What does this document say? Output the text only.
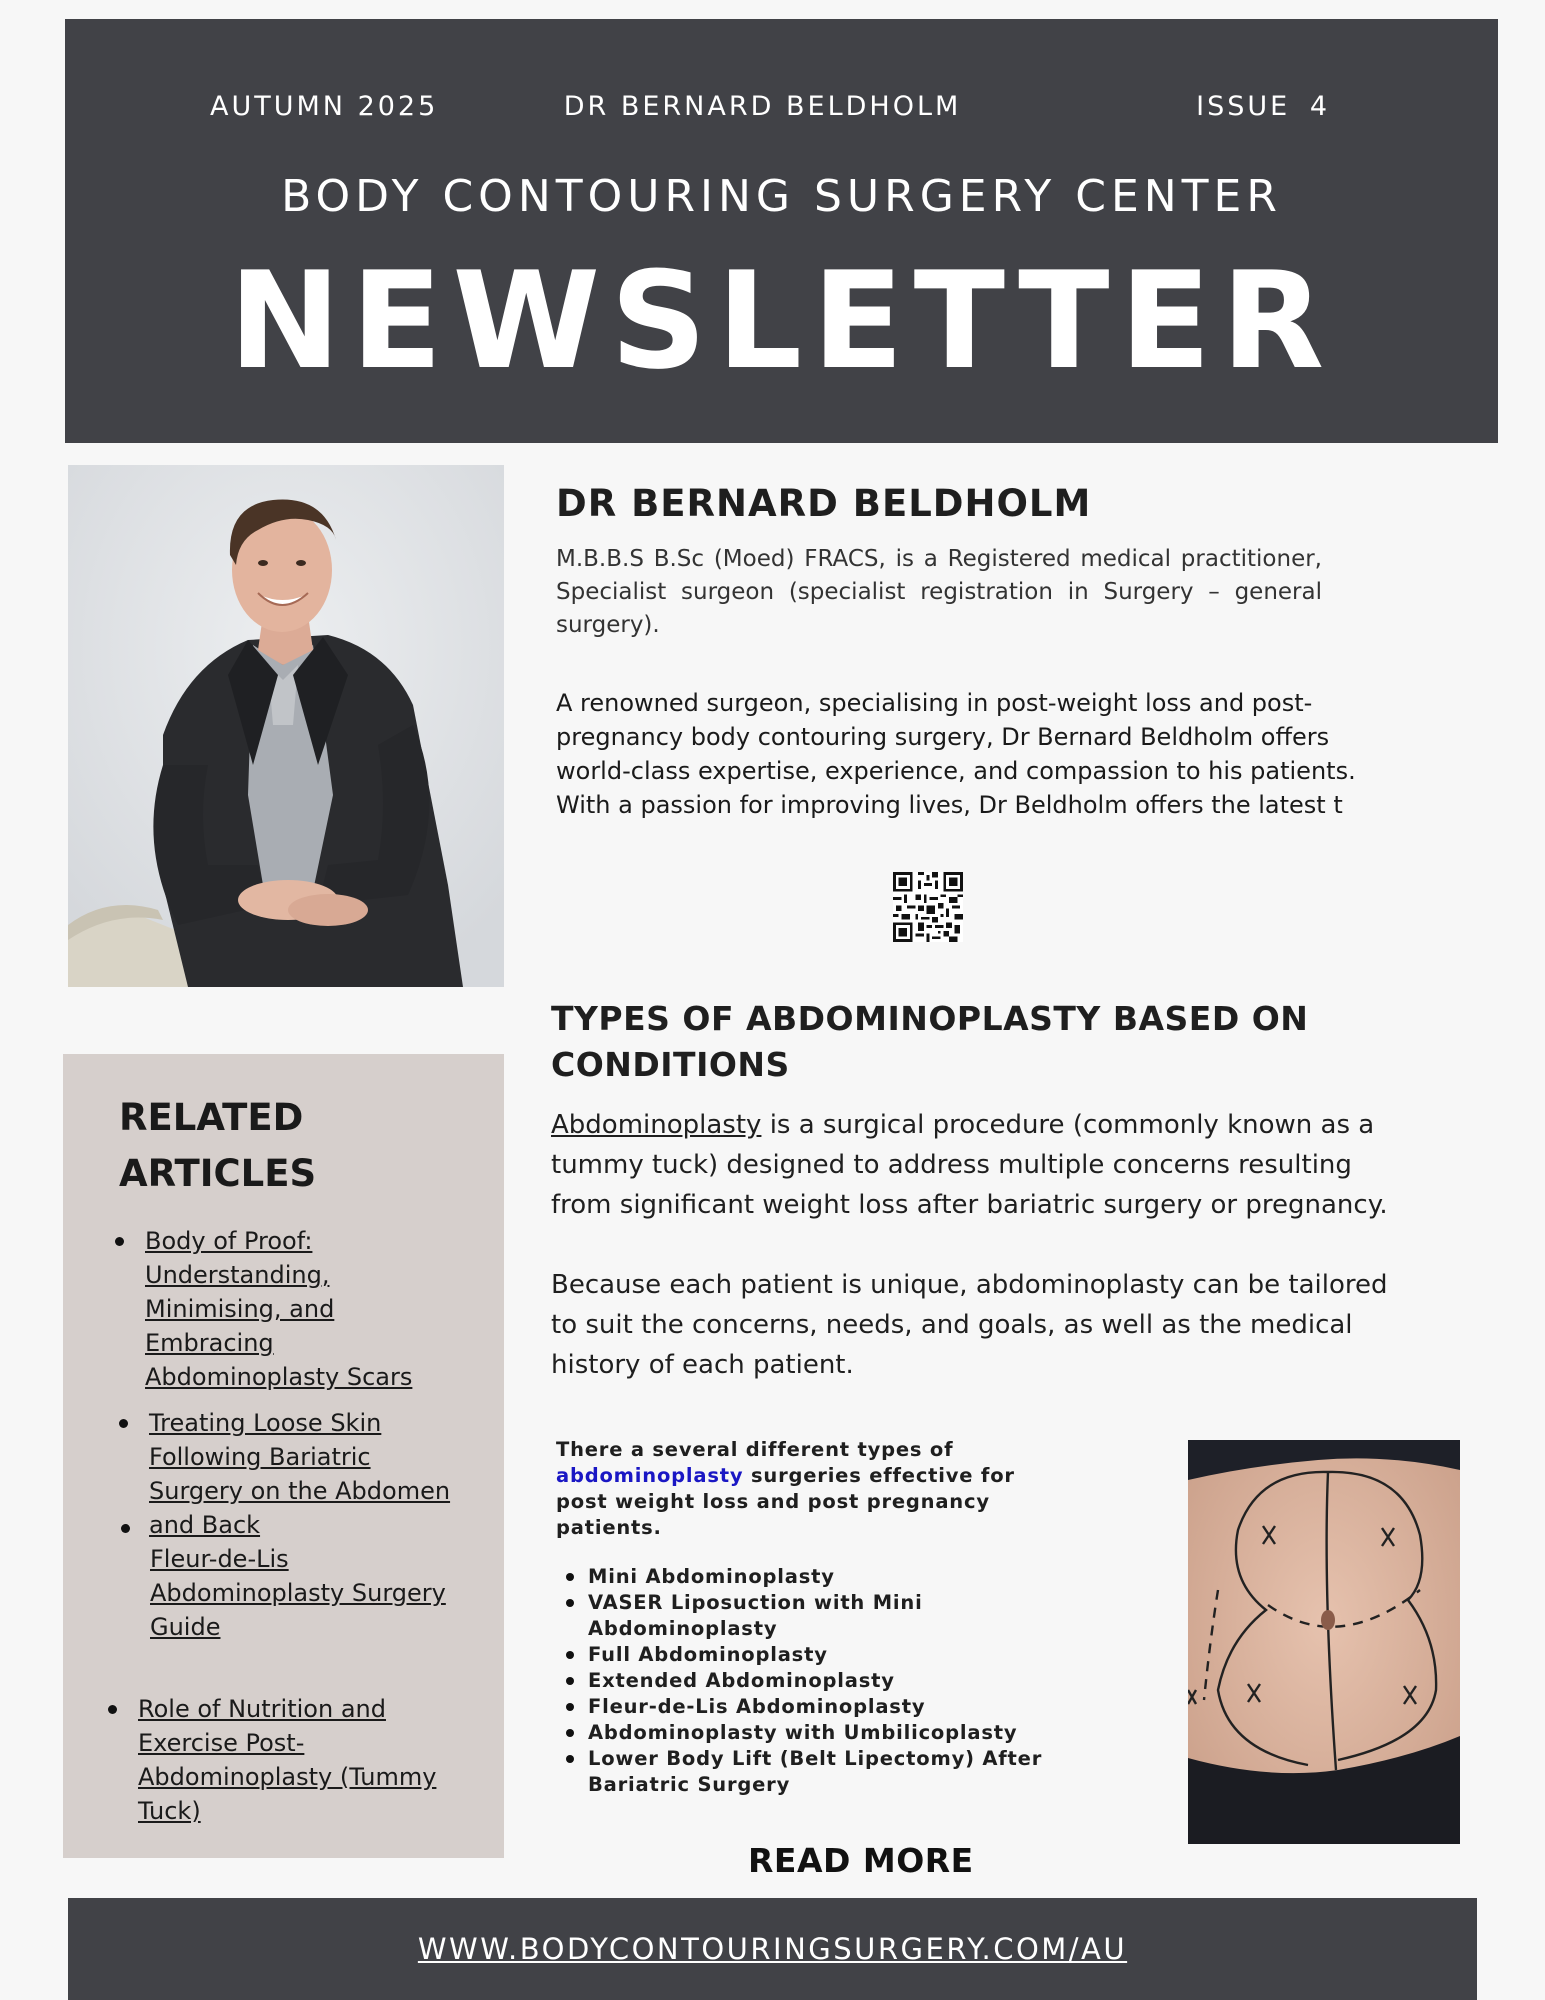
AUTUMN 2025	DR BERNARD BELDHOLM	ISSUE 4
BODY CONTOURING SURGERY CENTER
NEWSLETTER
RELATED
ARTICLES
Body of Proof: Understanding, Minimising, and Embracing Abdominoplasty Scars
Treating Loose Skin Following Bariatric Surgery on the Abdomen and Back
Fleur-de-Lis Abdominoplasty Surgery Guide
Role of Nutrition and Exercise Post-Abdominoplasty (Tummy Tuck)
DR BERNARD BELDHOLM
M.B.B.S B.Sc (Moed) FRACS, is a Registered medical practitioner, Specialist surgeon (specialist registration in Surgery – general surgery).
A renowned surgeon, specialising in post-weight loss and post-pregnancy body contouring surgery, Dr Bernard Beldholm offers world-class expertise, experience, and compassion to his patients. With a passion for improving lives, Dr Beldholm offers the latest t
TYPES OF ABDOMINOPLASTY BASED ON CONDITIONS
Abdominoplasty is a surgical procedure (commonly known as a tummy tuck) designed to address multiple concerns resulting from significant weight loss after bariatric surgery or pregnancy.
Because each patient is unique, abdominoplasty can be tailored to suit the concerns, needs, and goals, as well as the medical history of each patient.
There a several different types of abdominoplasty surgeries effective for post weight loss and post pregnancy patients.
Mini Abdominoplasty
VASER Liposuction with Mini Abdominoplasty
Full Abdominoplasty
Extended Abdominoplasty
Fleur-de-Lis Abdominoplasty
Abdominoplasty with Umbilicoplasty
Lower Body Lift (Belt Lipectomy) After Bariatric Surgery
READ MORE
WWW.BODYCONTOURINGSURGERY.COM/AU
